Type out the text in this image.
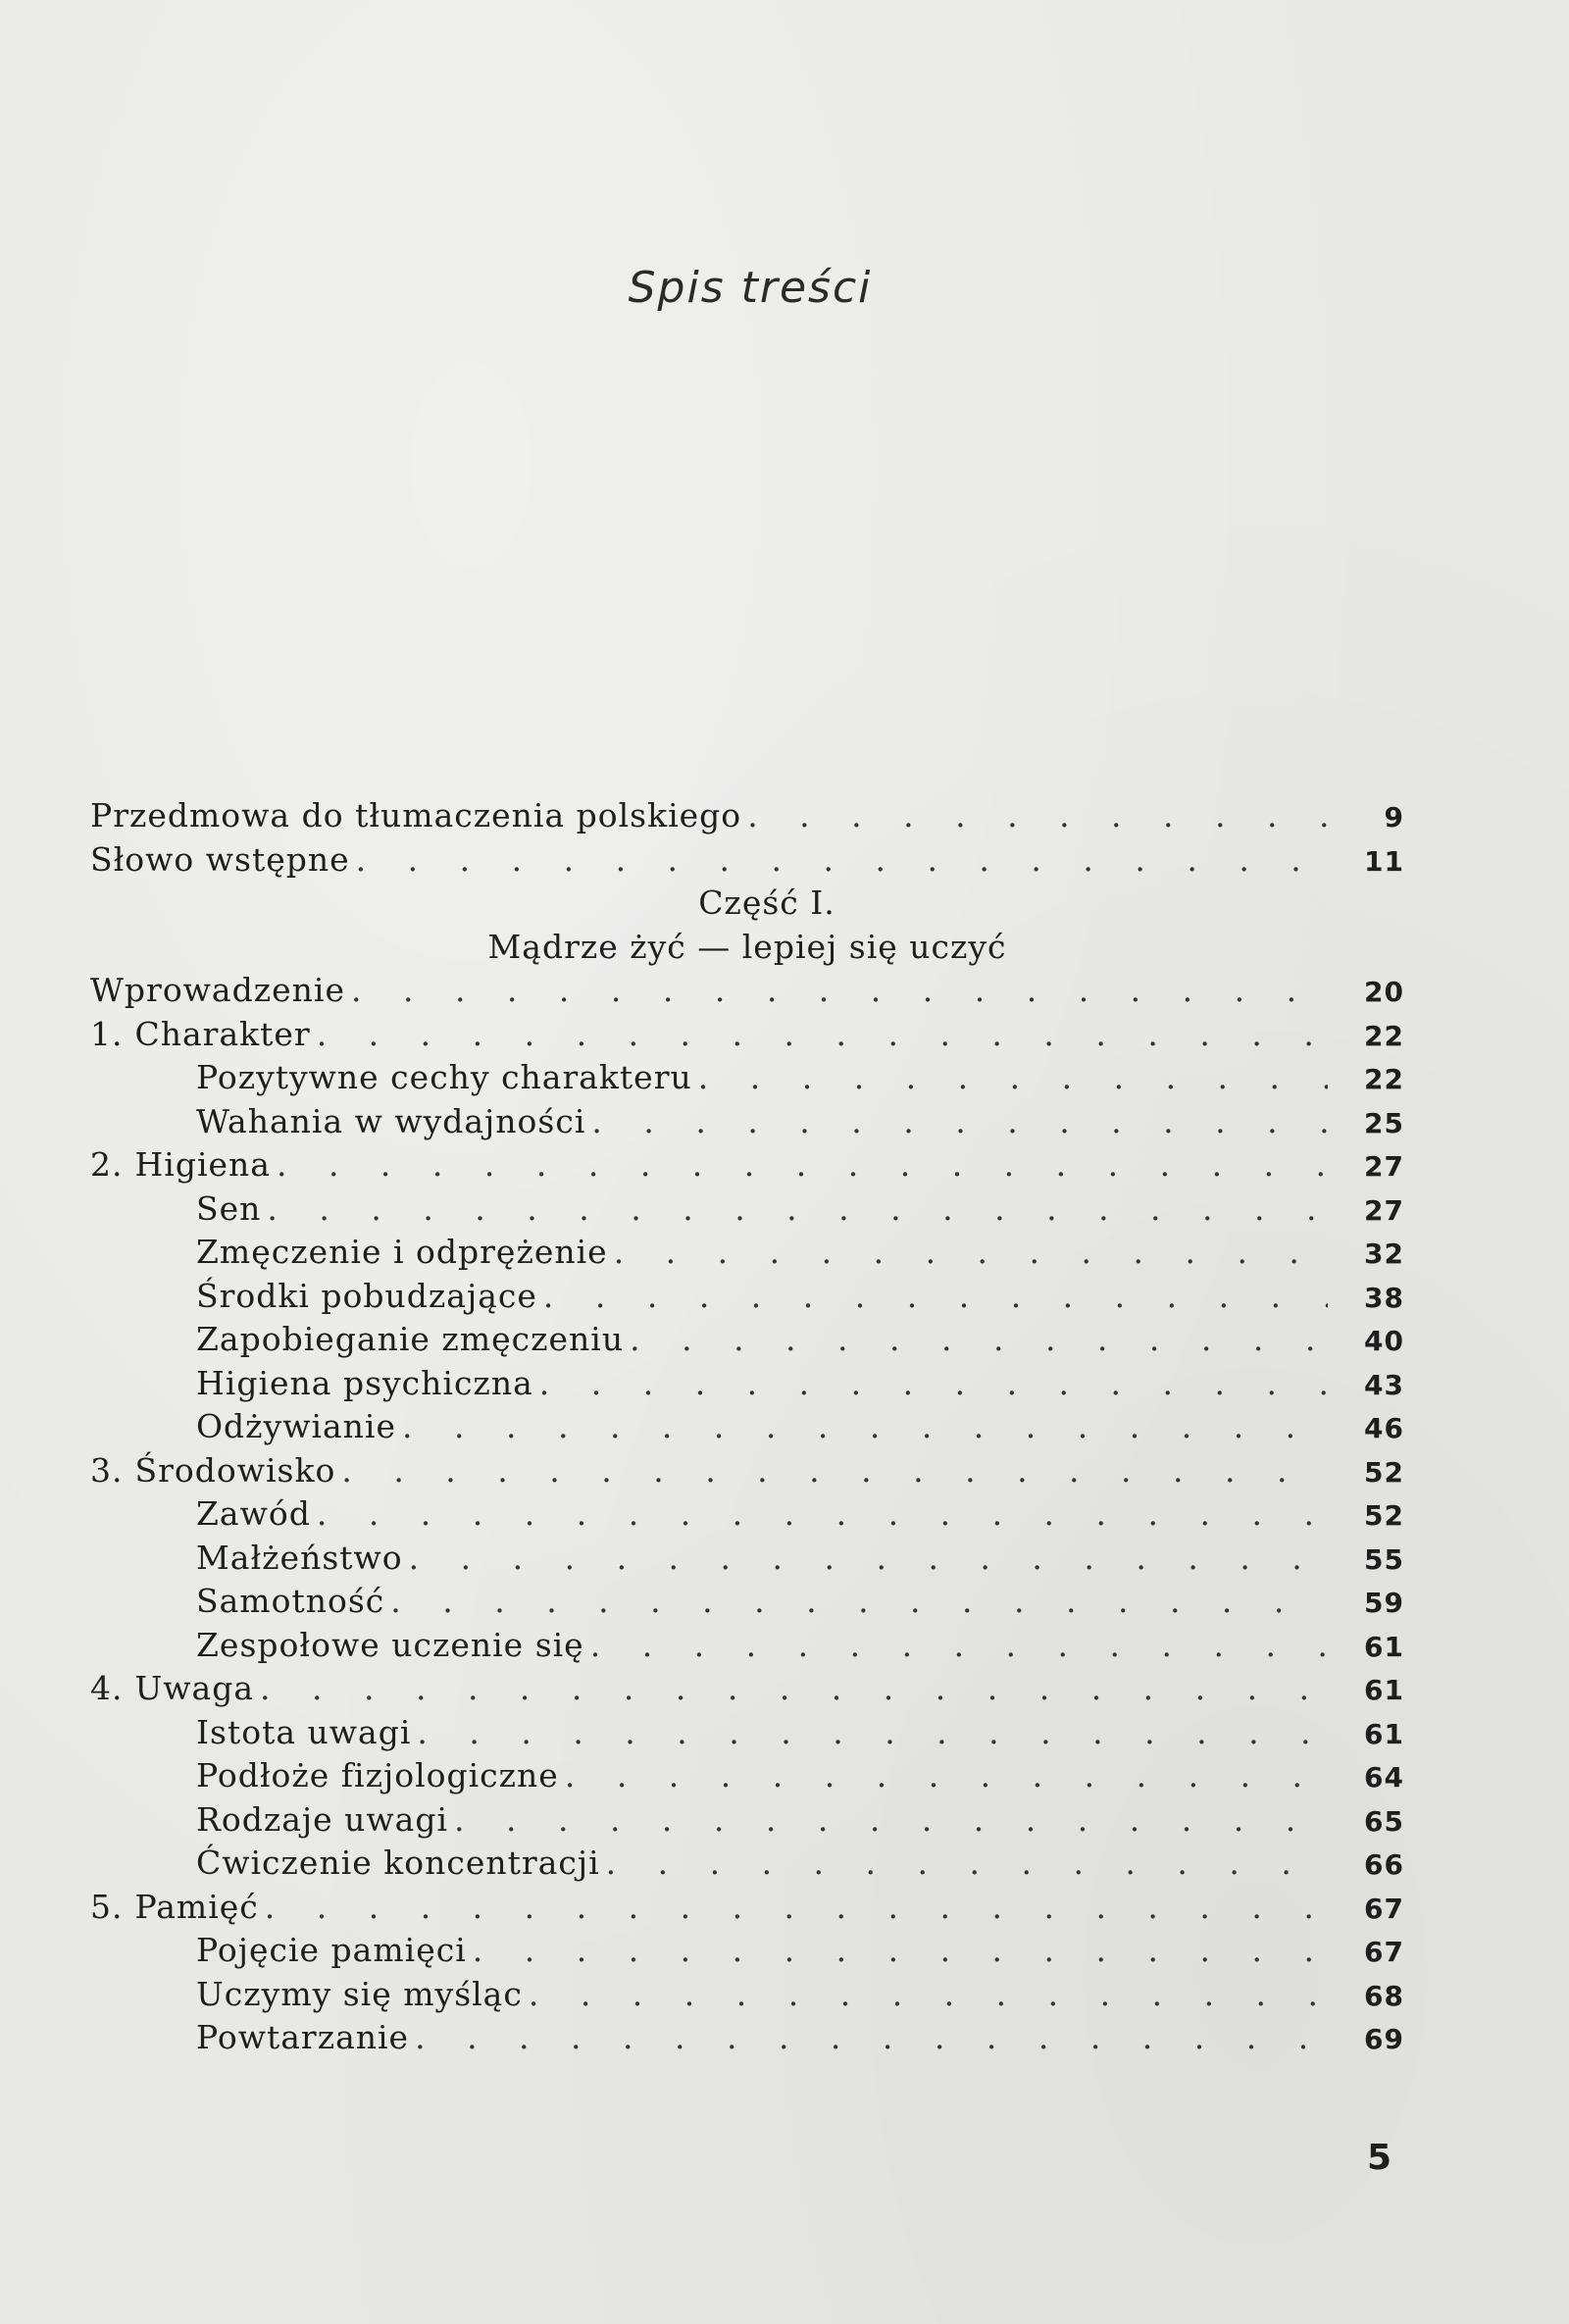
Spis treści
Przedmowa do tłumaczenia polskiego . . .	9
Słowo wstępne . . .	11
Część I.
Mądrze żyć — lepiej się uczyć
Wprowadzenie . . .	20
1. Charakter . . .	22
Pozytywne cechy charakteru . . .	22
Wahania w wydajności . . .	25
2. Higiena . . .	27
Sen . . .	27
Zmęczenie i odprężenie . . .	32
Środki pobudzające . . .	38
Zapobieganie zmęczeniu . . .	40
Higiena psychiczna . . .	43
Odżywianie . . .	46
3. Środowisko . . .	52
Zawód . . .	52
Małżeństwo . . .	55
Samotność . . .	59
Zespołowe uczenie się . . .	61
4. Uwaga . . .	61
Istota uwagi . . .	61
Podłoże fizjologiczne . . .	64
Rodzaje uwagi . . .	65
Ćwiczenie koncentracji . . .	66
5. Pamięć . . .	67
Pojęcie pamięci . . .	67
Uczymy się myśląc . . .	68
Powtarzanie . . .	69
5
